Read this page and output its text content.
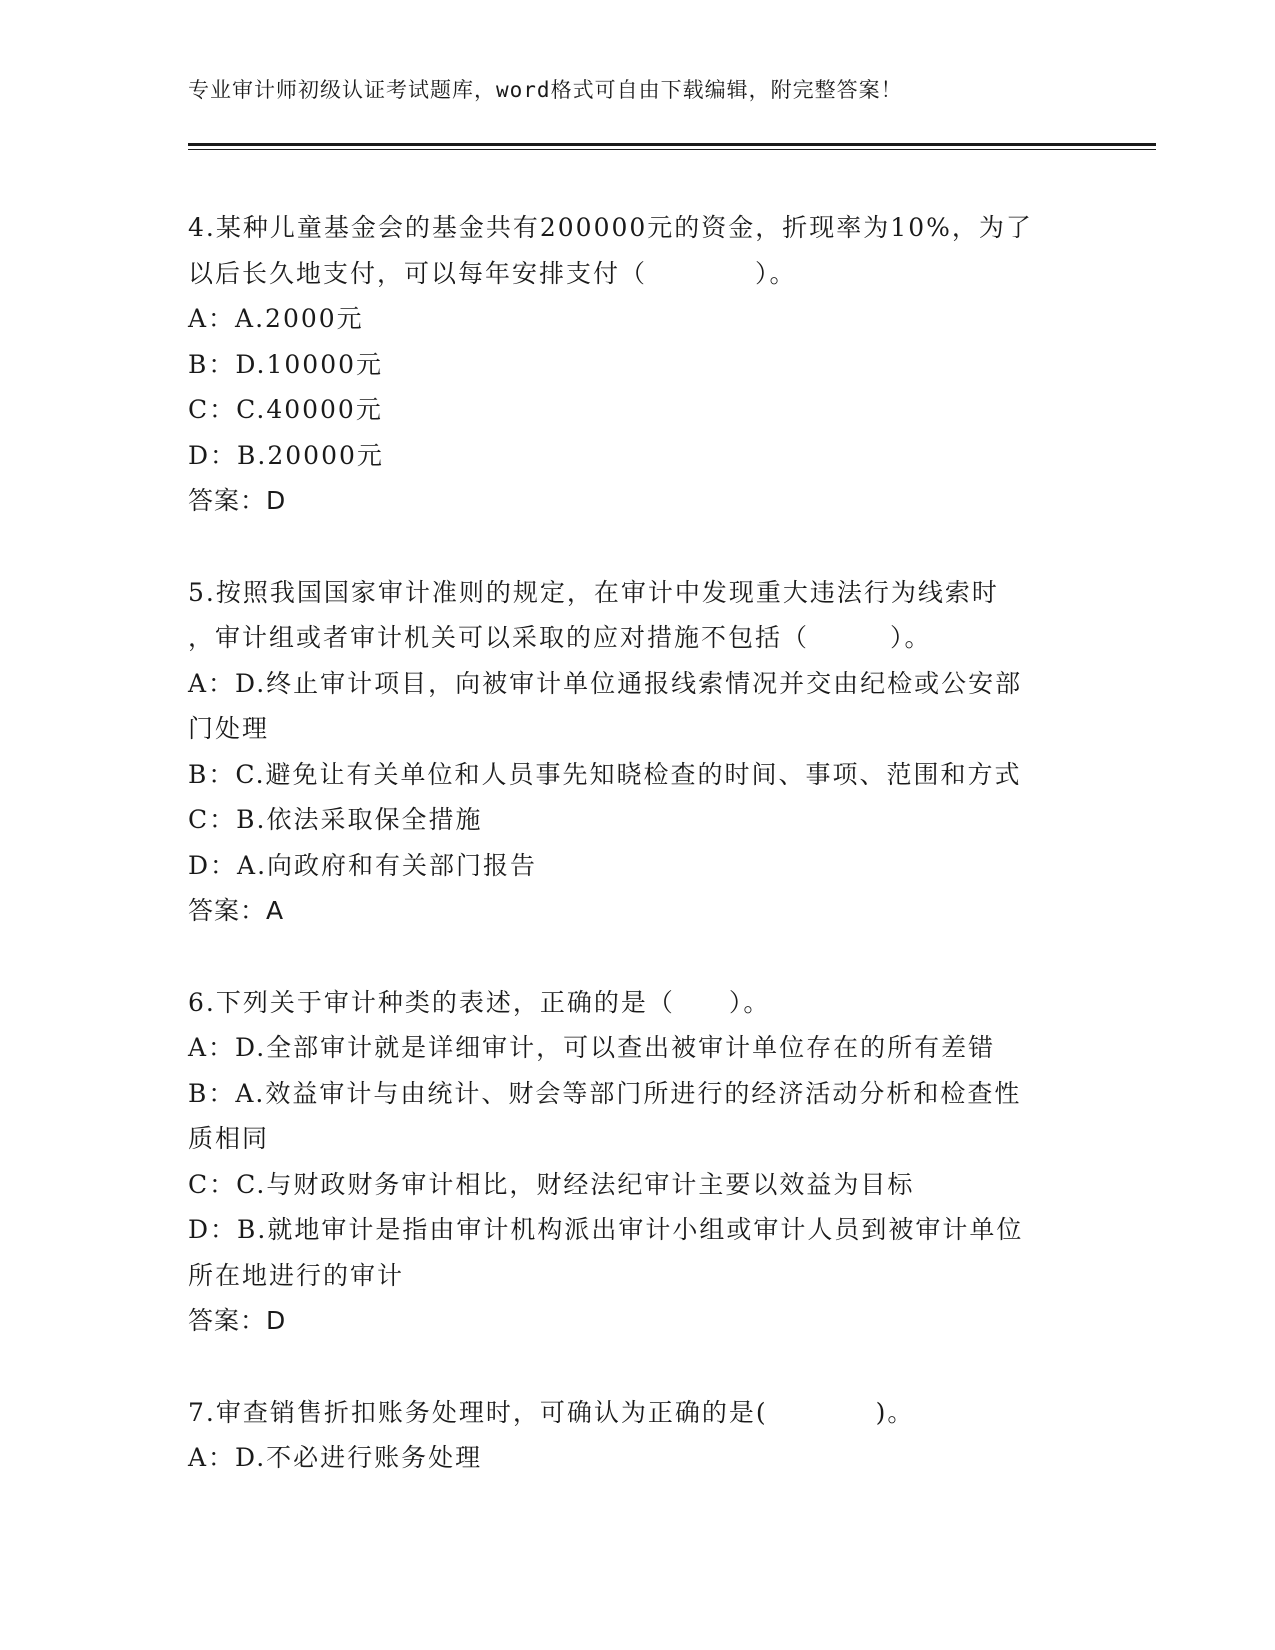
专业审计师初级认证考试题库，word格式可自由下载编辑，附完整答案！
4.某种儿童基金会的基金共有200000元的资金，折现率为10%，为了
以后长久地支付，可以每年安排支付（　　　　）。
A：A.2000元
B：D.10000元
C：C.40000元
D：B.20000元
答案：D
5.按照我国国家审计准则的规定，在审计中发现重大违法行为线索时
，审计组或者审计机关可以采取的应对措施不包括（　　　）。
A：D.终止审计项目，向被审计单位通报线索情况并交由纪检或公安部
门处理
B：C.避免让有关单位和人员事先知晓检查的时间、事项、范围和方式
C：B.依法采取保全措施
D：A.向政府和有关部门报告
答案：A
6.下列关于审计种类的表述，正确的是（　　）。
A：D.全部审计就是详细审计，可以查出被审计单位存在的所有差错
B：A.效益审计与由统计、财会等部门所进行的经济活动分析和检查性
质相同
C：C.与财政财务审计相比，财经法纪审计主要以效益为目标
D：B.就地审计是指由审计机构派出审计小组或审计人员到被审计单位
所在地进行的审计
答案：D
7.审查销售折扣账务处理时，可确认为正确的是(　　　　)。
A：D.不必进行账务处理
